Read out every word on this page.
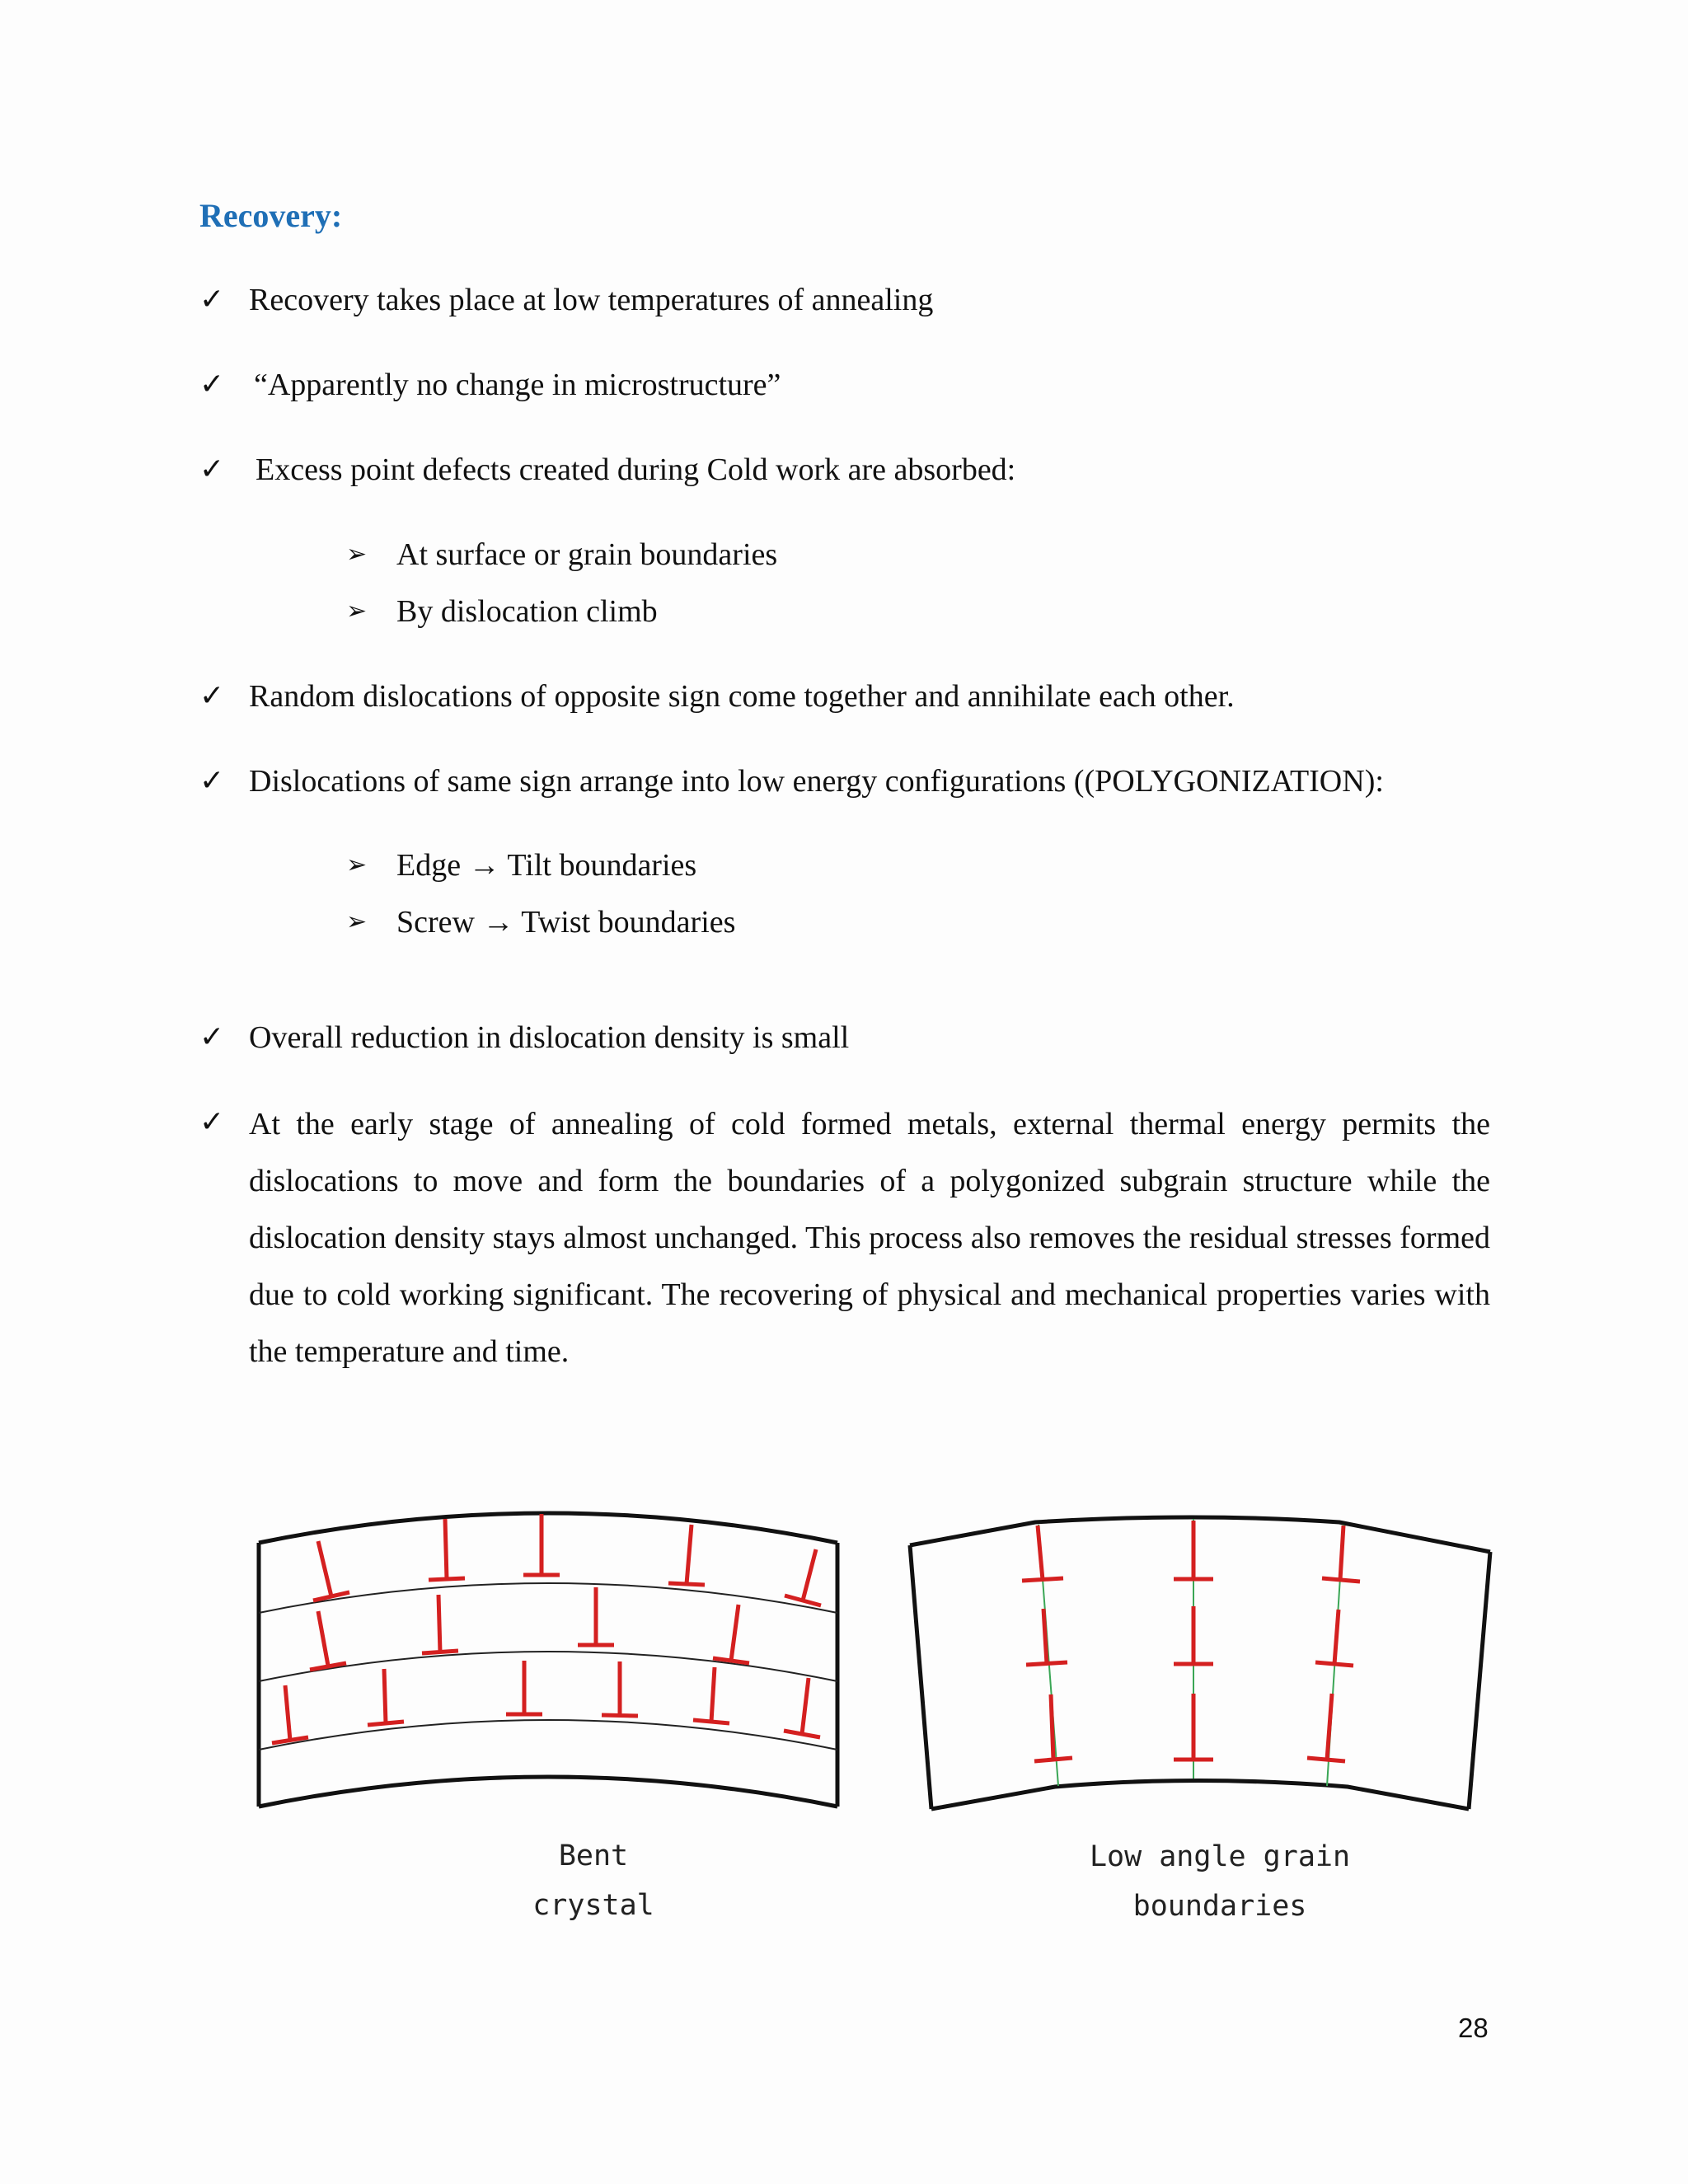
Recovery:
✓ Recovery takes place at low temperatures of annealing
✓ “Apparently no change in microstructure”
✓ Excess point defects created during Cold work are absorbed:
➢ At surface or grain boundaries
➢ By dislocation climb
✓ Random dislocations of opposite sign come together and annihilate each other.
✓ Dislocations of same sign arrange into low energy configurations ((POLYGONIZATION):
➢ Edge → Tilt boundaries
➢ Screw → Twist boundaries
✓ Overall reduction in dislocation density is small
✓ At the early stage of annealing of cold formed metals, external thermal energy permits the dislocations to move and form the boundaries of a polygonized subgrain structure while the dislocation density stays almost unchanged. This process also removes the residual stresses formed due to cold working significant. The recovering of physical and mechanical properties varies with the temperature and time.
Bent
crystal
Low angle grain
boundaries
28
